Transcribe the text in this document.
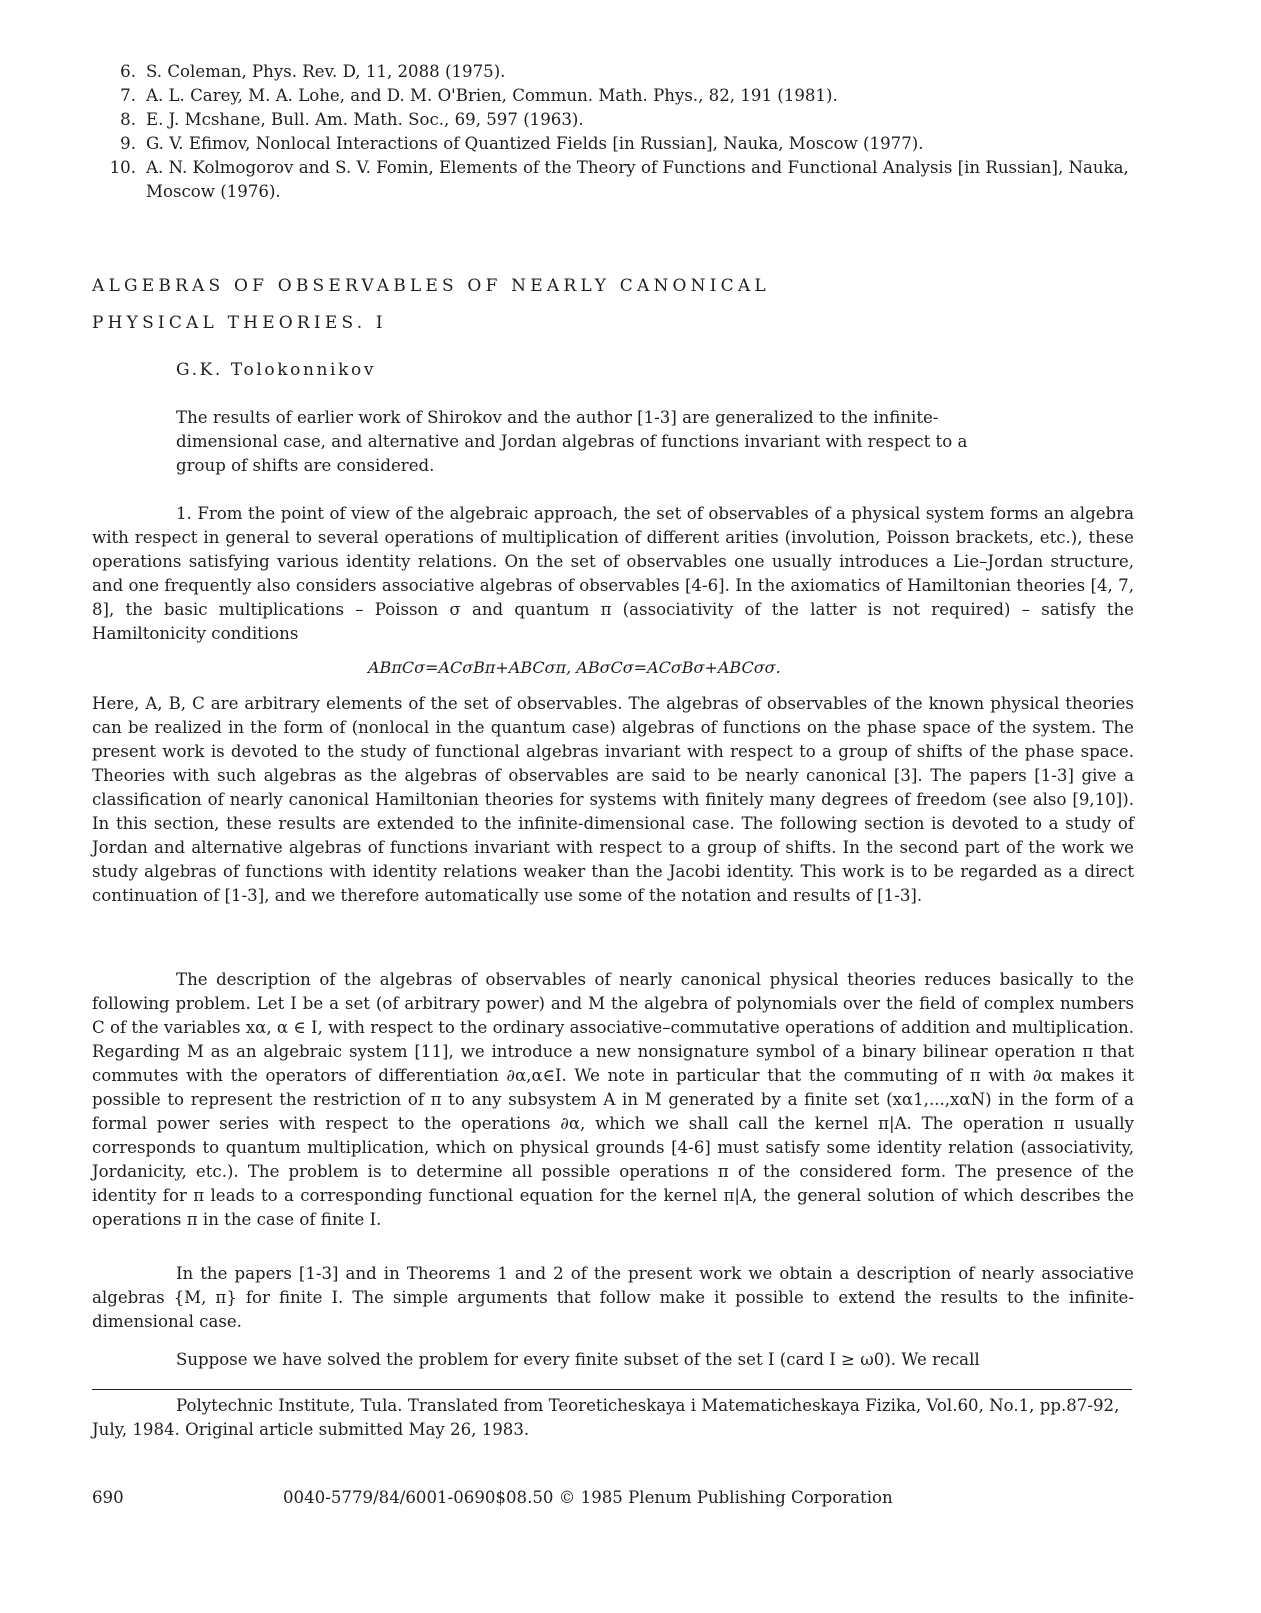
6. S. Coleman, Phys. Rev. D, 11, 2088 (1975).
7. A. L. Carey, M. A. Lohe, and D. M. O'Brien, Commun. Math. Phys., 82, 191 (1981).
8. E. J. Mcshane, Bull. Am. Math. Soc., 69, 597 (1963).
9. G. V. Efimov, Nonlocal Interactions of Quantized Fields [in Russian], Nauka, Moscow (1977).
10. A. N. Kolmogorov and S. V. Fomin, Elements of the Theory of Functions and Functional Analysis [in Russian], Nauka, Moscow (1976).
ALGEBRAS OF OBSERVABLES OF NEARLY CANONICAL
PHYSICAL THEORIES. I
G.K. Tolokonnikov
The results of earlier work of Shirokov and the author [1-3] are generalized to the infinite-dimensional case, and alternative and Jordan algebras of functions invariant with respect to a group of shifts are considered.

1. From the point of view of the algebraic approach, the set of observables of a physical system forms an algebra with respect in general to several operations of multiplication of different arities (involution, Poisson brackets, etc.), these operations satisfying various identity relations. On the set of observables one usually introduces a Lie–Jordan structure, and one frequently also considers associative algebras of observables [4-6]. In the axiomatics of Hamiltonian theories [4, 7, 8], the basic multiplications – Poisson σ and quantum π (associativity of the latter is not required) – satisfy the Hamiltonicity conditions

ABπCσ=ACσBπ+ABCσπ, ABσCσ=ACσBσ+ABCσσ.

Here, A, B, C are arbitrary elements of the set of observables. The algebras of observables of the known physical theories can be realized in the form of (nonlocal in the quantum case) algebras of functions on the phase space of the system. The present work is devoted to the study of functional algebras invariant with respect to a group of shifts of the phase space. Theories with such algebras as the algebras of observables are said to be nearly canonical [3]. The papers [1-3] give a classification of nearly canonical Hamiltonian theories for systems with finitely many degrees of freedom (see also [9,10]). In this section, these results are extended to the infinite-dimensional case. The following section is devoted to a study of Jordan and alternative algebras of functions invariant with respect to a group of shifts. In the second part of the work we study algebras of functions with identity relations weaker than the Jacobi identity. This work is to be regarded as a direct continuation of [1-3], and we therefore automatically use some of the notation and results of [1-3].

The description of the algebras of observables of nearly canonical physical theories reduces basically to the following problem. Let I be a set (of arbitrary power) and M the algebra of polynomials over the field of complex numbers C of the variables xα, α ∈ I, with respect to the ordinary associative–commutative operations of addition and multiplication. Regarding M as an algebraic system [11], we introduce a new nonsignature symbol of a binary bilinear operation π that commutes with the operators of differentiation ∂α,α∈I. We note in particular that the commuting of π with ∂α makes it possible to represent the restriction of π to any subsystem A in M generated by a finite set (xα1,...,xαN) in the form of a formal power series with respect to the operations ∂α, which we shall call the kernel π|A. The operation π usually corresponds to quantum multiplication, which on physical grounds [4-6] must satisfy some identity relation (associativity, Jordanicity, etc.). The problem is to determine all possible operations π of the considered form. The presence of the identity for π leads to a corresponding functional equation for the kernel π|A, the general solution of which describes the operations π in the case of finite I.

In the papers [1-3] and in Theorems 1 and 2 of the present work we obtain a description of nearly associative algebras {M, π} for finite I. The simple arguments that follow make it possible to extend the results to the infinite-dimensional case.

Suppose we have solved the problem for every finite subset of the set I (card I ≥ ω0). We recall

Polytechnic Institute, Tula. Translated from Teoreticheskaya i Matematicheskaya Fizika, Vol.60, No.1, pp.87-92, July, 1984. Original article submitted May 26, 1983.

690	0040-5779/84/6001-0690$08.50 © 1985 Plenum Publishing Corporation
